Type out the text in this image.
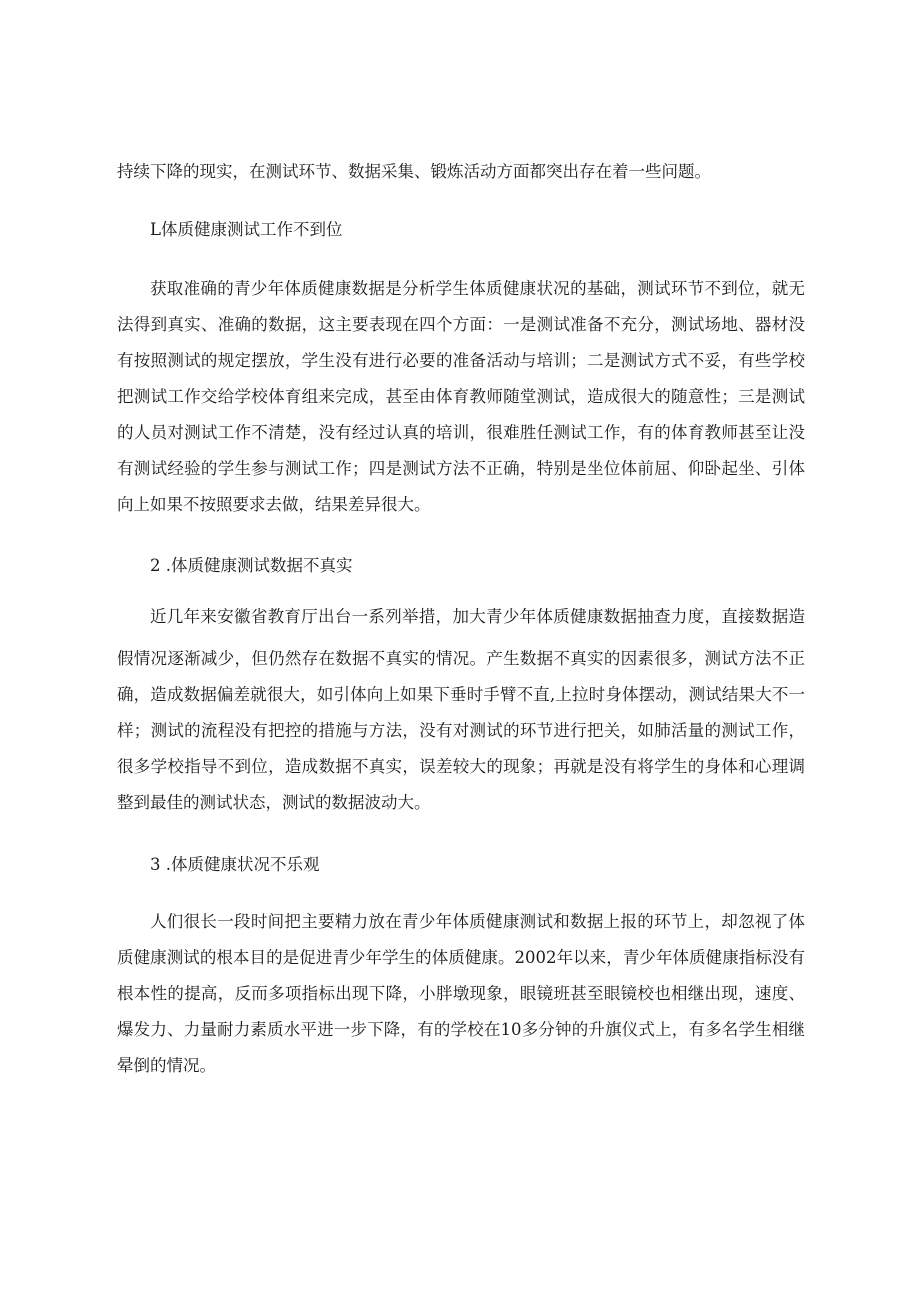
持续下降的现实，在测试环节、数据采集、锻炼活动方面都突出存在着一些问题。
L体质健康测试工作不到位
获取准确的青少年体质健康数据是分析学生体质健康状况的基础，测试环节不到位，就无
法得到真实、准确的数据，这主要表现在四个方面：一是测试准备不充分，测试场地、器材没
有按照测试的规定摆放，学生没有进行必要的准备活动与培训；二是测试方式不妥，有些学校
把测试工作交给学校体育组来完成，甚至由体育教师随堂测试，造成很大的随意性；三是测试
的人员对测试工作不清楚，没有经过认真的培训，很难胜任测试工作，有的体育教师甚至让没
有测试经验的学生参与测试工作；四是测试方法不正确，特别是坐位体前屈、仰卧起坐、引体
向上如果不按照要求去做，结果差异很大。
2 .体质健康测试数据不真实
近几年来安徽省教育厅出台一系列举措，加大青少年体质健康数据抽查力度，直接数据造
假情况逐渐减少，但仍然存在数据不真实的情况。产生数据不真实的因素很多，测试方法不正
确，造成数据偏差就很大，如引体向上如果下垂时手臂不直,上拉时身体摆动，测试结果大不一
样；测试的流程没有把控的措施与方法，没有对测试的环节进行把关，如肺活量的测试工作，
很多学校指导不到位，造成数据不真实，误差较大的现象；再就是没有将学生的身体和心理调
整到最佳的测试状态，测试的数据波动大。
3 .体质健康状况不乐观
人们很长一段时间把主要精力放在青少年体质健康测试和数据上报的环节上，却忽视了体
质健康测试的根本目的是促进青少年学生的体质健康。2002年以来，青少年体质健康指标没有
根本性的提高，反而多项指标出现下降，小胖墩现象，眼镜班甚至眼镜校也相继出现，速度、
爆发力、力量耐力素质水平进一步下降，有的学校在10多分钟的升旗仪式上，有多名学生相继
晕倒的情况。
